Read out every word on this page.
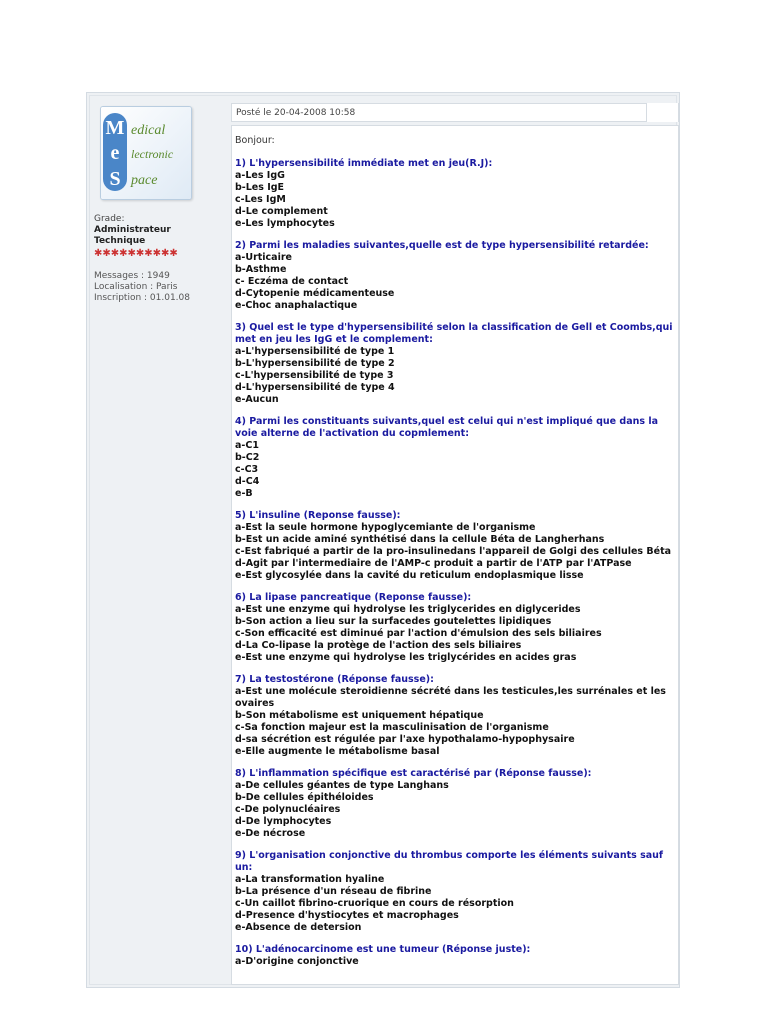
M
e
S
edical
lectronic
pace
Grade:
Administrateur
Technique
✱✱✱✱✱✱✱✱✱✱
Messages : 1949
Localisation : Paris
Inscription : 01.01.08
Posté le 20-04-2008 10:58
Bonjour:
1) L'hypersensibilité immédiate met en jeu(R.J):
a-Les IgG
b-Les IgE
c-Les IgM
d-Le complement
e-Les lymphocytes
2) Parmi les maladies suivantes,quelle est de type hypersensibilité retardée:
a-Urticaire
b-Asthme
c- Eczéma de contact
d-Cytopenie médicamenteuse
e-Choc anaphalactique
3) Quel est le type d'hypersensibilité selon la classification de Gell et Coombs,qui met en jeu les IgG et le complement:
a-L'hypersensibilité de type 1
b-L'hypersensibilité de type 2
c-L'hypersensibilité de type 3
d-L'hypersensibilité de type 4
e-Aucun
4) Parmi les constituants suivants,quel est celui qui n'est impliqué que dans la voie alterne de l'activation du copmlement:
a-C1
b-C2
c-C3
d-C4
e-B
5) L'insuline (Reponse fausse):
a-Est la seule hormone hypoglycemiante de l'organisme
b-Est un acide aminé synthétisé dans la cellule Béta de Langherhans
c-Est fabriqué a partir de la pro-insulinedans l'appareil de Golgi des cellules Béta
d-Agit par l'intermediaire de l'AMP-c produit a partir de l'ATP par l'ATPase
e-Est glycosylée dans la cavité du reticulum endoplasmique lisse
6) La lipase pancreatique (Reponse fausse):
a-Est une enzyme qui hydrolyse les triglycerides en diglycerides
b-Son action a lieu sur la surfacedes goutelettes lipidiques
c-Son efficacité est diminué par l'action d'émulsion des sels biliaires
d-La Co-lipase la protège de l'action des sels biliaires
e-Est une enzyme qui hydrolyse les triglycérides en acides gras
7) La testostérone (Réponse fausse):
a-Est une molécule steroidienne sécrété dans les testicules,les surrénales et les ovaires
b-Son métabolisme est uniquement hépatique
c-Sa fonction majeur est la masculinisation de l'organisme
d-sa sécrétion est régulée par l'axe hypothalamo-hypophysaire
e-Elle augmente le métabolisme basal
8) L'inflammation spécifique est caractérisé par (Réponse fausse):
a-De cellules géantes de type Langhans
b-De cellules épithéloides
c-De polynucléaires
d-De lymphocytes
e-De nécrose
9) L'organisation conjonctive du thrombus comporte les éléments suivants sauf un:
a-La transformation hyaline
b-La présence d'un réseau de fibrine
c-Un caillot fibrino-cruorique en cours de résorption
d-Presence d'hystiocytes et macrophages
e-Absence de detersion
10) L'adénocarcinome est une tumeur (Réponse juste):
a-D'origine conjonctive
